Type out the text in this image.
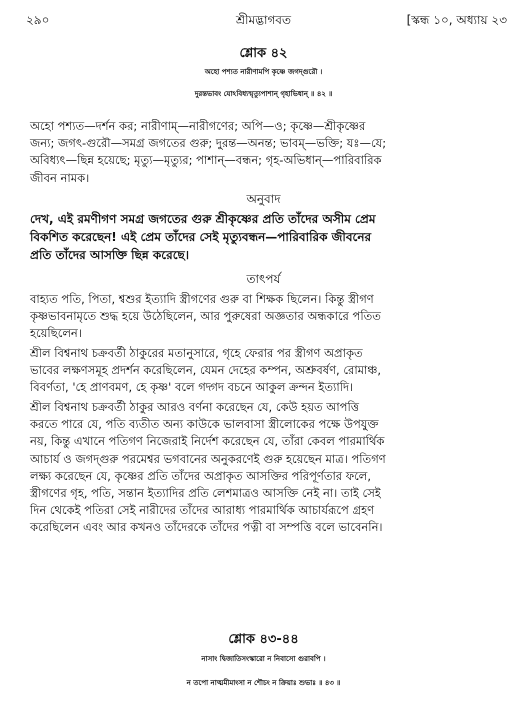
২৯০	শ্রীমদ্ভাগবত	[স্কন্ধ ১০, অধ্যায় ২৩
শ্লোক ৪২
অহো পশ্যত নারীণামপি কৃষ্ণে জগদ্গুরৌ ।
দুরন্তভাবং যোঽবিধ্যন্মৃত্যুপাশান্ গৃহাভিধান্ ॥ ৪২ ॥
অহো পশ্যত—দর্শন কর; নারীণাম্—নারীগণের; অপি—ও; কৃষ্ণে—শ্রীকৃষ্ণের
জন্য; জগৎ-গুরৌ—সমগ্র জগতের গুরু; দুরন্ত—অনন্ত; ভাবম্—ভক্তি; যঃ—যে;
অবিধ্যৎ—ছিন্ন হয়েছে; মৃত্যু—মৃত্যুর; পাশান্—বন্ধন; গৃহ-অভিধান্—পারিবারিক
জীবন নামক।
অনুবাদ
দেখ, এই রমণীগণ সমগ্র জগতের গুরু শ্রীকৃষ্ণের প্রতি তাঁদের অসীম প্রেম
বিকশিত করেছেন! এই প্রেম তাঁদের সেই মৃত্যুবন্ধন—পারিবারিক জীবনের
প্রতি তাঁদের আসক্তি ছিন্ন করেছে।
তাৎপর্য
বাহ্যত পতি, পিতা, শ্বশুর ইত্যাদি স্ত্রীগণের গুরু বা শিক্ষক ছিলেন। কিন্তু স্ত্রীগণ
কৃষ্ণভাবনামৃতে শুদ্ধ হয়ে উঠেছিলেন, আর পুরুষেরা অজ্ঞতার অন্ধকারে পতিত
হয়েছিলেন।
শ্রীল বিশ্বনাথ চক্রবর্তী ঠাকুরের মতানুসারে, গৃহে ফেরার পর স্ত্রীগণ অপ্রাকৃত
ভাবের লক্ষণসমূহ প্রদর্শন করেছিলেন, যেমন দেহের কম্পন, অশ্রুবর্ষণ, রোমাঞ্চ,
বিবর্ণতা, 'হে প্রাণবমণ, হে কৃষ্ণ' বলে গদ্গদ বচনে আকুল ক্রন্দন ইত্যাদি।
শ্রীল বিশ্বনাথ চক্রবর্তী ঠাকুর আরও বর্ণনা করেছেন যে, কেউ হয়ত আপত্তি
করতে পারে যে, পতি ব্যতীত অন্য কাউকে ভালবাসা স্ত্রীলোকের পক্ষে উপযুক্ত
নয়, কিন্তু এখানে পতিগণ নিজেরাই নির্দেশ করেছেন যে, তাঁরা কেবল পারমার্থিক
আচার্য ও জগদ্গুরু পরমেশ্বর ভগবানের অনুকরণেই গুরু হয়েছেন মাত্র। পতিগণ
লক্ষ্য করেছেন যে, কৃষ্ণের প্রতি তাঁদের অপ্রাকৃত আসক্তির পরিপূর্ণতার ফলে,
স্ত্রীগণের গৃহ, পতি, সন্তান ইত্যাদির প্রতি লেশমাত্রও আসক্তি নেই না। তাই সেই
দিন থেকেই পতিরা সেই নারীদের তাঁদের আরাধ্য পারমার্থিক আচার্যরূপে গ্রহণ
করেছিলেন এবং আর কখনও তাঁদেরকে তাঁদের পত্নী বা সম্পত্তি বলে ভাবেননি।
শ্লোক ৪৩-৪৪
নাসাং দ্বিজাতিসংস্কারো ন নিবাসো গুরাবপি ।
ন তপো নাত্মমীমাংসা ন শৌচং ন ক্রিয়াঃ শুভাঃ ॥ ৪৩ ॥
